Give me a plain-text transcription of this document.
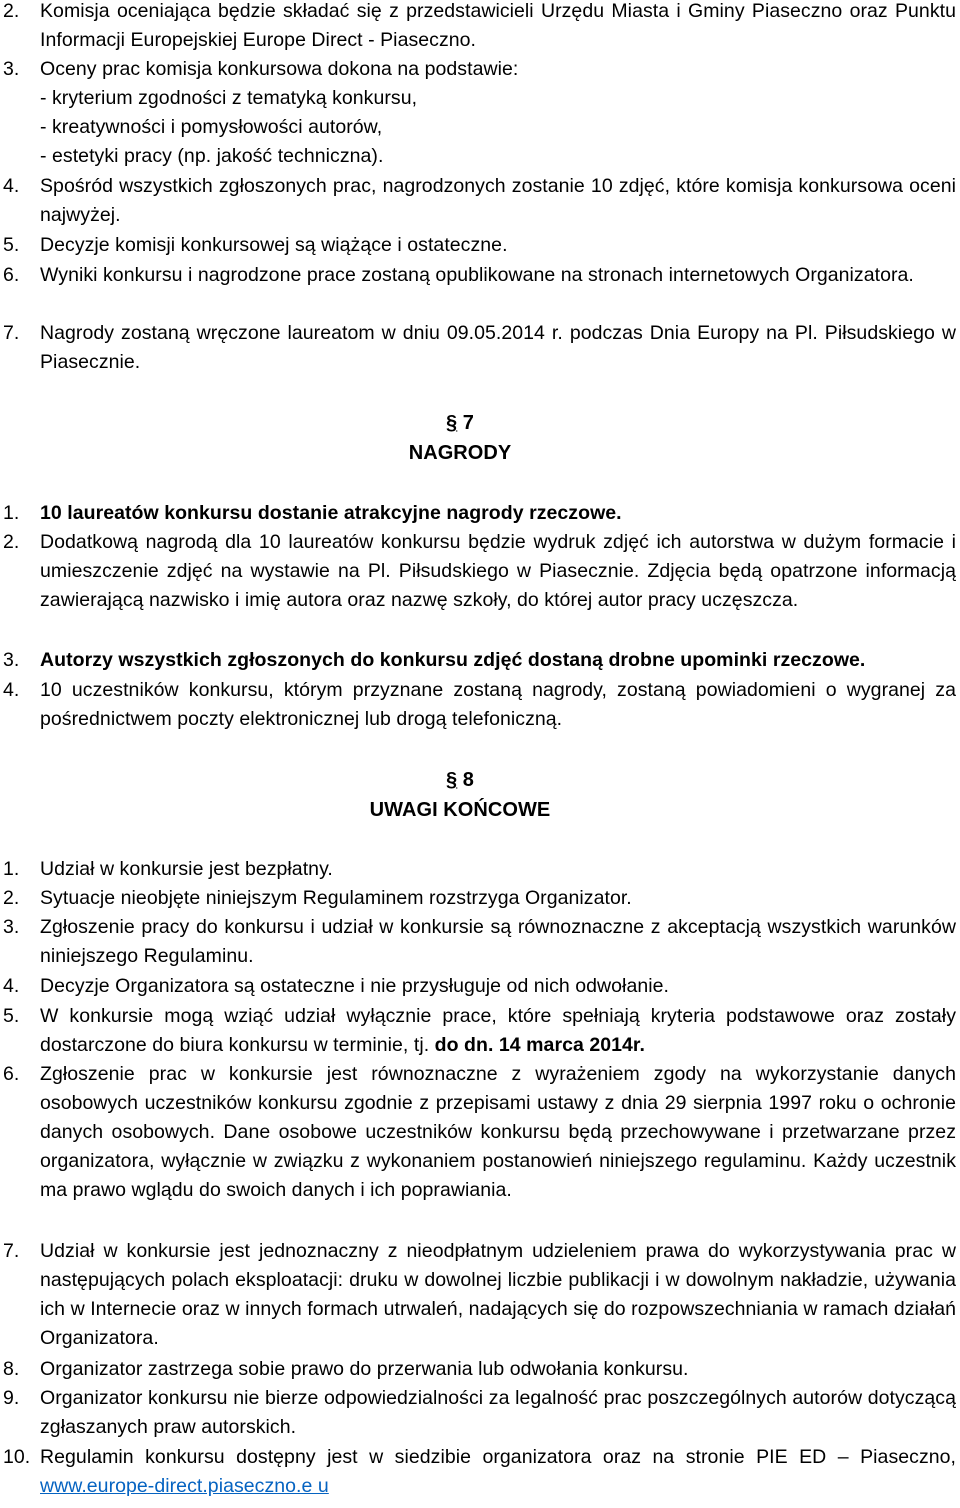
2.	Komisja oceniająca będzie składać się z przedstawicieli Urzędu Miasta i Gminy Piaseczno oraz Punktu Informacji Europejskiej Europe Direct - Piaseczno.
3.	Oceny prac komisja konkursowa dokona na podstawie:
- kryterium zgodności z tematyką konkursu,
- kreatywności i pomysłowości autorów,
- estetyki pracy (np. jakość techniczna).
4.	Spośród wszystkich zgłoszonych prac, nagrodzonych zostanie 10 zdjęć, które komisja konkursowa oceni najwyżej.
5.	Decyzje komisji konkursowej są wiążące i ostateczne.
6.	Wyniki konkursu i nagrodzone prace zostaną opublikowane na stronach internetowych Organizatora.
7.	Nagrody zostaną wręczone laureatom w dniu 09.05.2014 r. podczas Dnia Europy na Pl. Piłsudskiego w Piasecznie.
§ 7
NAGRODY
1.	10 laureatów konkursu dostanie atrakcyjne nagrody rzeczowe.
2.	Dodatkową nagrodą dla 10 laureatów konkursu będzie wydruk zdjęć ich autorstwa w dużym formacie i umieszczenie zdjęć na wystawie na Pl. Piłsudskiego w Piasecznie. Zdjęcia będą opatrzone informacją zawierającą nazwisko i imię autora oraz nazwę szkoły, do której autor pracy uczęszcza.
3.	Autorzy wszystkich zgłoszonych do konkursu zdjęć dostaną drobne upominki rzeczowe.
4.	10 uczestników konkursu, którym przyznane zostaną nagrody, zostaną powiadomieni o wygranej za pośrednictwem poczty elektronicznej lub drogą telefoniczną.
§ 8
UWAGI KOŃCOWE
1.	Udział w konkursie jest bezpłatny.
2.	Sytuacje nieobjęte niniejszym Regulaminem rozstrzyga Organizator.
3.	Zgłoszenie pracy do konkursu i udział w konkursie są równoznaczne z akceptacją wszystkich warunków niniejszego Regulaminu.
4.	Decyzje Organizatora są ostateczne i nie przysługuje od nich odwołanie.
5.	W konkursie mogą wziąć udział wyłącznie prace, które spełniają kryteria podstawowe oraz zostały dostarczone do biura konkursu w terminie, tj. do dn. 14 marca 2014r.
6.	Zgłoszenie prac w konkursie jest równoznaczne z wyrażeniem zgody na wykorzystanie danych osobowych uczestników konkursu zgodnie z przepisami ustawy z dnia 29 sierpnia 1997 roku o ochronie danych osobowych. Dane osobowe uczestników konkursu będą przechowywane i przetwarzane przez organizatora, wyłącznie w związku z wykonaniem postanowień niniejszego regulaminu. Każdy uczestnik ma prawo wglądu do swoich danych i ich poprawiania.
7.	Udział w konkursie jest jednoznaczny z nieodpłatnym udzieleniem prawa do wykorzystywania prac w następujących polach eksploatacji: druku w dowolnej liczbie publikacji i w dowolnym nakładzie, używania ich w Internecie oraz w innych formach utrwaleń, nadających się do rozpowszechniania w ramach działań Organizatora.
8.	Organizator zastrzega sobie prawo do przerwania lub odwołania konkursu.
9.	Organizator konkursu nie bierze odpowiedzialności za legalność prac poszczególnych autorów dotyczącą zgłaszanych praw autorskich.
10. Regulamin konkursu dostępny jest w siedzibie organizatora oraz na stronie PIE ED – Piaseczno, www.europe-direct.piaseczno.e u
